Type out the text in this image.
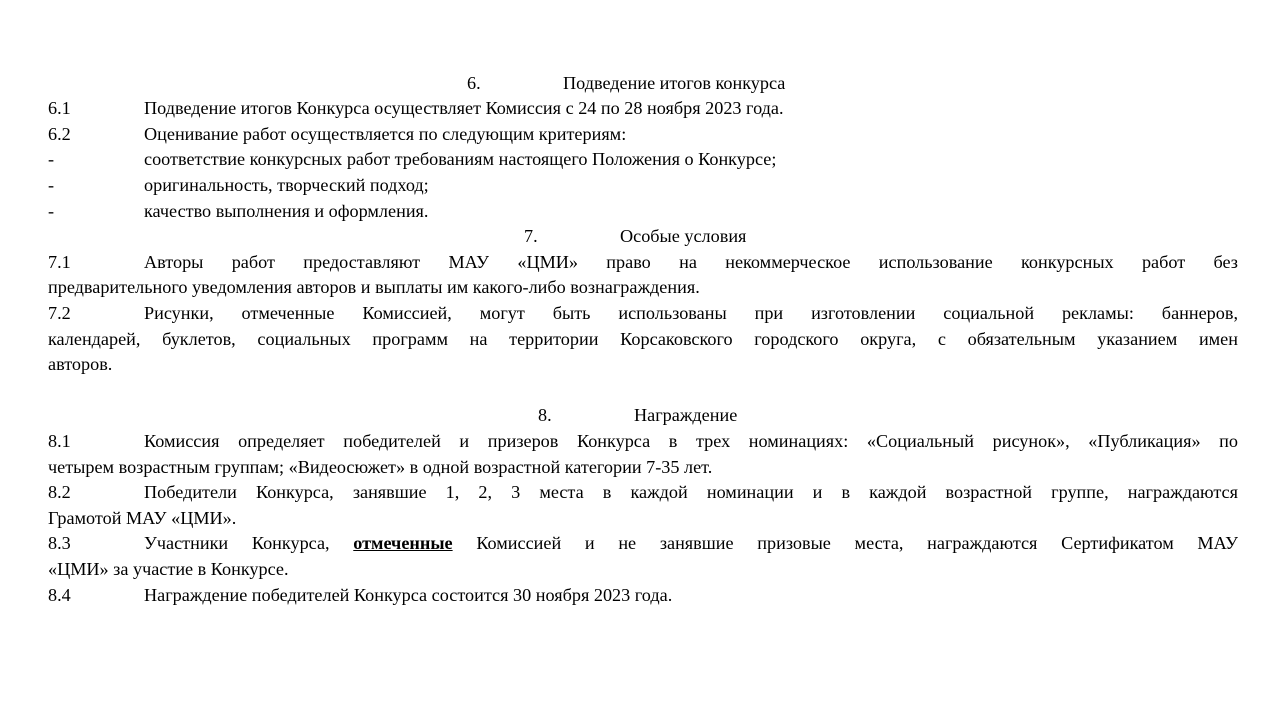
6.	Подведение итогов конкурса
6.1	Подведение итогов Конкурса осуществляет Комиссия с 24 по 28 ноября 2023 года.
6.2	Оценивание работ осуществляется по следующим критериям:
-	соответствие конкурсных работ требованиям настоящего Положения о Конкурсе;
-	оригинальность, творческий подход;
-	качество выполнения и оформления.
7.	Особые условия
7.1	Авторы работ предоставляют МАУ «ЦМИ» право на некоммерческое использование конкурсных работ без
предварительного уведомления авторов и выплаты им какого-либо вознаграждения.
7.2	Рисунки, отмеченные Комиссией, могут быть использованы при изготовлении социальной рекламы: баннеров,
календарей, буклетов, социальных программ на территории Корсаковского городского округа, с обязательным указанием имен
авторов.
8.	Награждение
8.1	Комиссия определяет победителей и призеров Конкурса в трех номинациях: «Социальный рисунок», «Публикация» по
четырем возрастным группам; «Видеосюжет» в одной возрастной категории 7-35 лет.
8.2	Победители Конкурса, занявшие 1, 2, 3 места в каждой номинации и в каждой возрастной группе, награждаются
Грамотой МАУ «ЦМИ».
8.3	Участники Конкурса, отмеченные Комиссией и не занявшие призовые места, награждаются Сертификатом МАУ
«ЦМИ» за участие в Конкурсе.
8.4	Награждение победителей Конкурса состоится 30 ноября 2023 года.
